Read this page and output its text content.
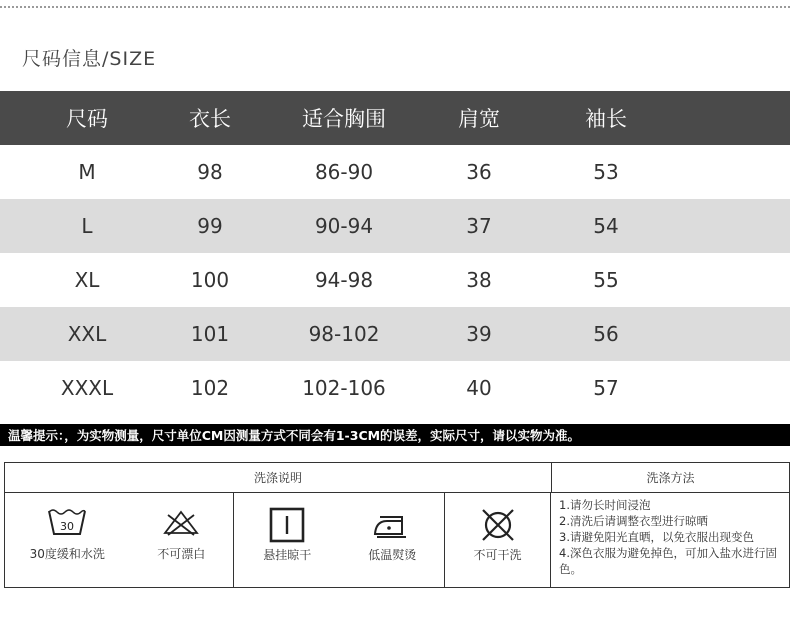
尺码信息/SIZE
尺码	衣长	适合胸围	肩宽	袖长
M	98	86-90	36	53
L	99	90-94	37	54
XL	100	94-98	38	55
XXL	101	98-102	39	56
XXXL	102	102-106	40	57
温馨提示：，为实物测量，尺寸单位CM因测量方式不同会有1-3CM的误差，实际尺寸，请以实物为准。
洗涤说明	洗涤方法
30
30度缓和水洗	不可漂白	悬挂晾干	低温熨烫	不可干洗
1.请勿长时间浸泡
2.清洗后请调整衣型进行晾晒
3.请避免阳光直晒，以免衣服出现变色
4.深色衣服为避免掉色，可加入盐水进行固色。
